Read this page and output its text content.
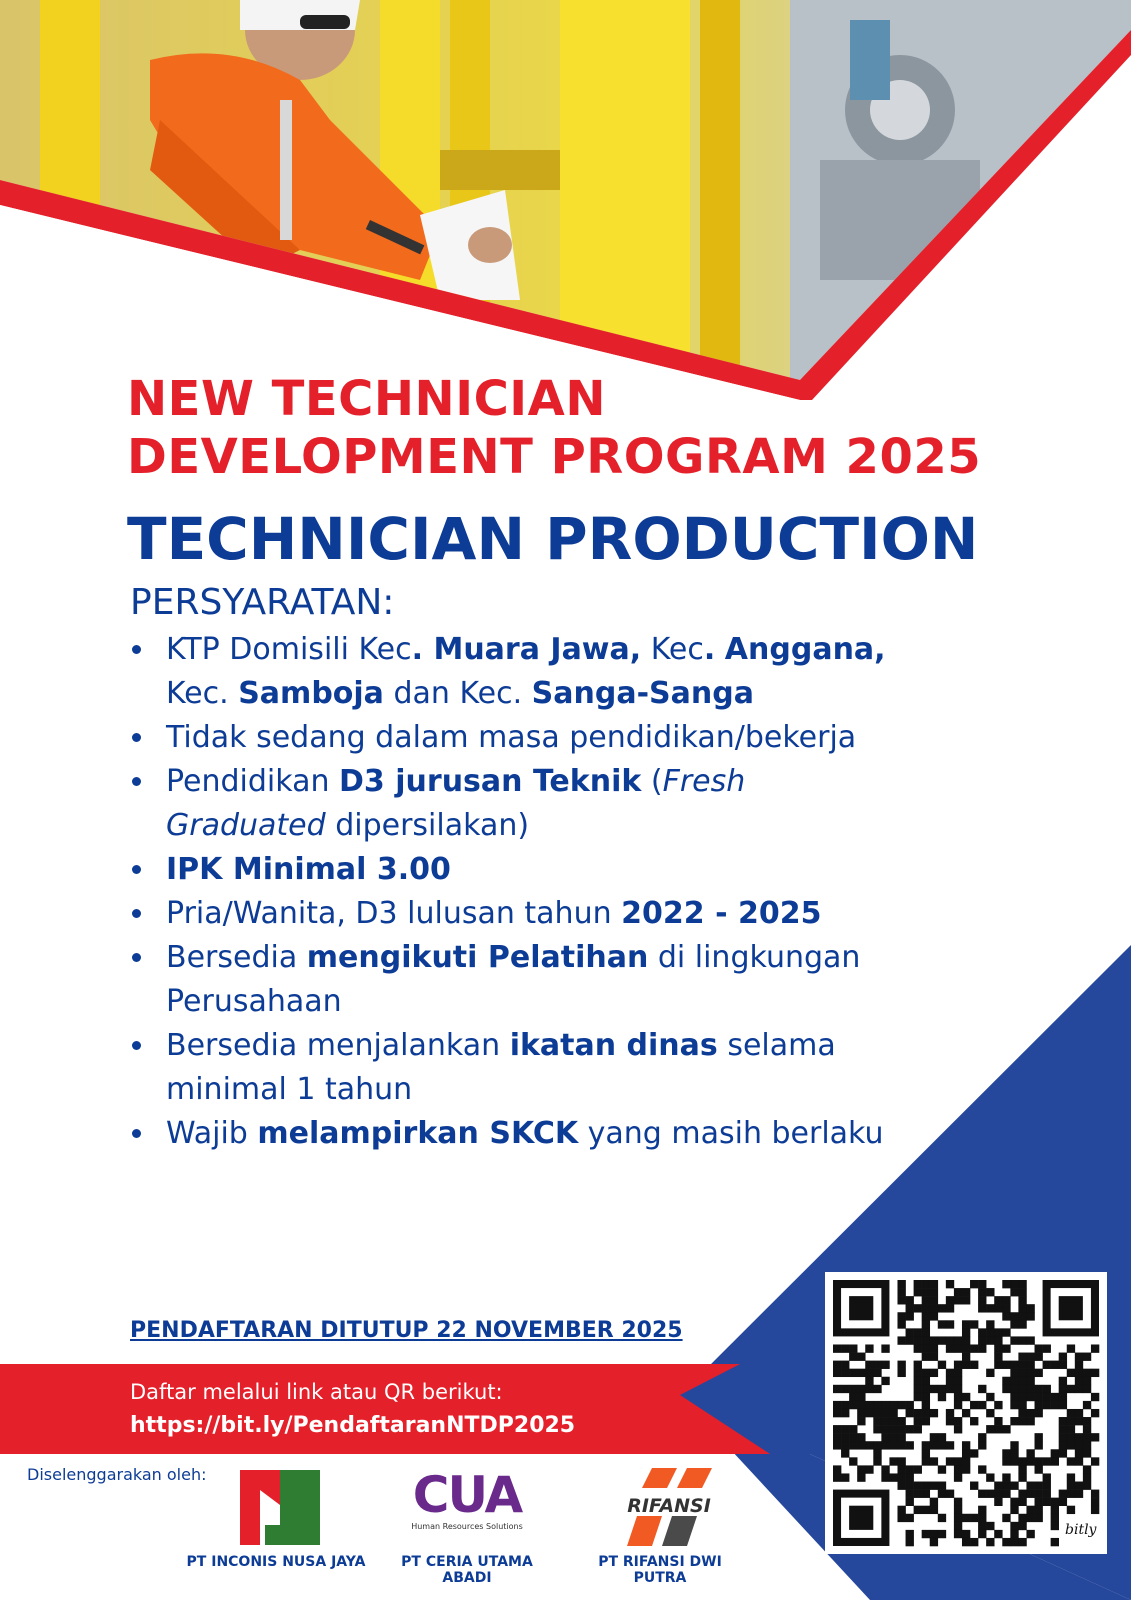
NEW TECHNICIAN
DEVELOPMENT PROGRAM 2025
TECHNICIAN PRODUCTION
PERSYARATAN:
KTP Domisili Kec. Muara Jawa, Kec. Anggana, Kec. Samboja dan Kec. Sanga-Sanga
Tidak sedang dalam masa pendidikan/bekerja
Pendidikan D3 jurusan Teknik (Fresh Graduated dipersilakan)
IPK Minimal 3.00
Pria/Wanita, D3 lulusan tahun 2022 - 2025
Bersedia mengikuti Pelatihan di lingkungan Perusahaan
Bersedia menjalankan ikatan dinas selama minimal 1 tahun
Wajib melampirkan SKCK yang masih berlaku
PENDAFTARAN DITUTUP 22 NOVEMBER 2025
Daftar melalui link atau QR berikut:
https://bit.ly/PendaftaranNTDP2025
Diselenggarakan oleh:
PT INCONIS NUSA JAYA
CUA
Human Resources Solutions
PT CERIA UTAMA ABADI
RIFANSI
PT RIFANSI DWI PUTRA
bitly
